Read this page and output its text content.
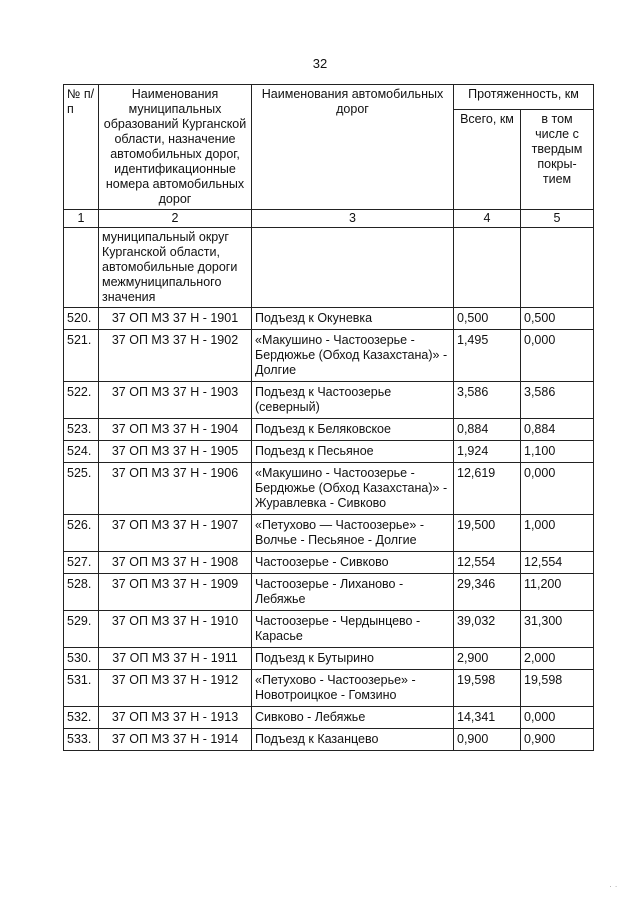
32
№ п/п	Наименования муниципальных образований Курганской области, назначение автомобильных дорог, идентификационные номера автомобильных дорог	Наименования автомобильных дорог	Протяженность, км	
			Всего, км	в том числе с твердым покры-тием
1	2	3	4	5
	муниципальный округ Курганской области, автомобильные дороги межмуниципального значения			
520.	37 ОП МЗ 37 Н - 1901	Подъезд к Окуневка	0,500	0,500
521.	37 ОП МЗ 37 Н - 1902	«Макушино - Частоозерье - Бердюжье (Обход Казахстана)» - Долгие	1,495	0,000
522.	37 ОП МЗ 37 Н - 1903	Подъезд к Частоозерье (северный)	3,586	3,586
523.	37 ОП МЗ 37 Н - 1904	Подъезд к Беляковское	0,884	0,884
524.	37 ОП МЗ 37 Н - 1905	Подъезд к Песьяное	1,924	1,100
525.	37 ОП МЗ 37 Н - 1906	«Макушино - Частоозерье - Бердюжье (Обход Казахстана)» - Журавлевка - Сивково	12,619	0,000
526.	37 ОП МЗ 37 Н - 1907	«Петухово — Частоозерье» - Волчье - Песьяное - Долгие	19,500	1,000
527.	37 ОП МЗ 37 Н - 1908	Частоозерье - Сивково	12,554	12,554
528.	37 ОП МЗ 37 Н - 1909	Частоозерье - Лиханово - Лебяжье	29,346	11,200
529.	37 ОП МЗ 37 Н - 1910	Частоозерье - Чердынцево - Карасье	39,032	31,300
530.	37 ОП МЗ 37 Н - 1911	Подъезд к Бутырино	2,900	2,000
531.	37 ОП МЗ 37 Н - 1912	«Петухово - Частоозерье» - Новотроицкое - Гомзино	19,598	19,598
532.	37 ОП МЗ 37 Н - 1913	Сивково - Лебяжье	14,341	0,000
533.	37 ОП МЗ 37 Н - 1914	Подъезд к Казанцево	0,900	0,900
˙ ˙
